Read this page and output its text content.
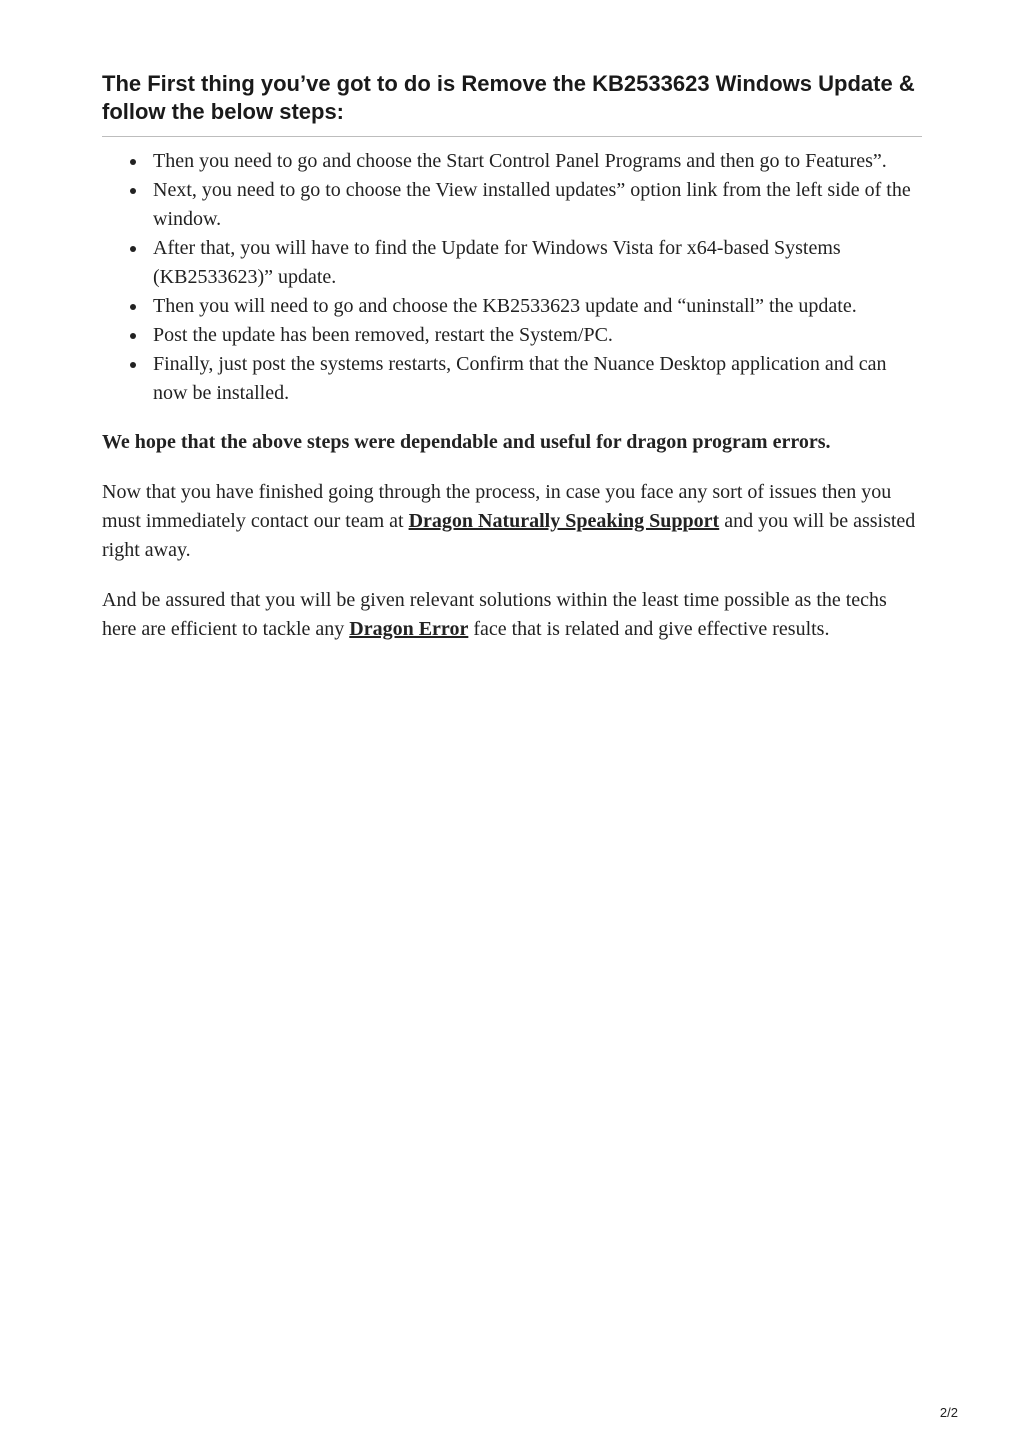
The First thing you’ve got to do is Remove the KB2533623 Windows Update & follow the below steps:
Then you need to go and choose the Start Control Panel Programs and then go to Features”.
Next, you need to go to choose the View installed updates” option link from the left side of the window.
After that, you will have to find the Update for Windows Vista for x64-based Systems (KB2533623)” update.
Then you will need to go and choose the KB2533623 update and “uninstall” the update.
Post the update has been removed, restart the System/PC.
Finally, just post the systems restarts, Confirm that the Nuance Desktop application and can now be installed.

We hope that the above steps were dependable and useful for dragon program errors.

Now that you have finished going through the process, in case you face any sort of issues then you must immediately contact our team at Dragon Naturally Speaking Support and you will be assisted right away.

And be assured that you will be given relevant solutions within the least time possible as the techs here are efficient to tackle any Dragon Error face that is related and give effective results.

2/2
